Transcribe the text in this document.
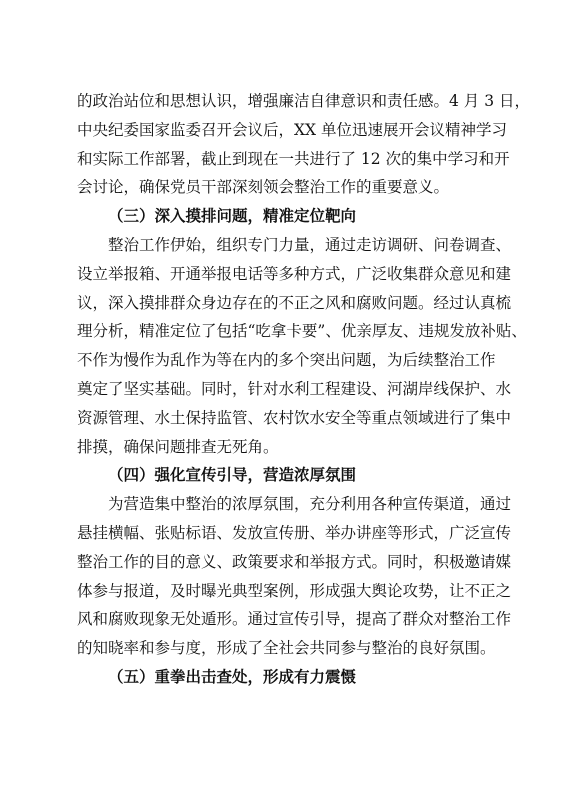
的政治站位和思想认识，增强廉洁自律意识和责任感。4 月 3 日，
中央纪委国家监委召开会议后，XX 单位迅速展开会议精神学习
和实际工作部署，截止到现在一共进行了 12 次的集中学习和开
会讨论，确保党员干部深刻领会整治工作的重要意义。
（三）深入摸排问题，精准定位靶向
整治工作伊始，组织专门力量，通过走访调研、问卷调查、
设立举报箱、开通举报电话等多种方式，广泛收集群众意见和建
议，深入摸排群众身边存在的不正之风和腐败问题。经过认真梳
理分析，精准定位了包括“吃拿卡要”、优亲厚友、违规发放补贴、
不作为慢作为乱作为等在内的多个突出问题，为后续整治工作
奠定了坚实基础。同时，针对水利工程建设、河湖岸线保护、水
资源管理、水土保持监管、农村饮水安全等重点领域进行了集中
排摸，确保问题排查无死角。
（四）强化宣传引导，营造浓厚氛围
为营造集中整治的浓厚氛围，充分利用各种宣传渠道，通过
悬挂横幅、张贴标语、发放宣传册、举办讲座等形式，广泛宣传
整治工作的目的意义、政策要求和举报方式。同时，积极邀请媒
体参与报道，及时曝光典型案例，形成强大舆论攻势，让不正之
风和腐败现象无处遁形。通过宣传引导，提高了群众对整治工作
的知晓率和参与度，形成了全社会共同参与整治的良好氛围。
（五）重拳出击查处，形成有力震慑
